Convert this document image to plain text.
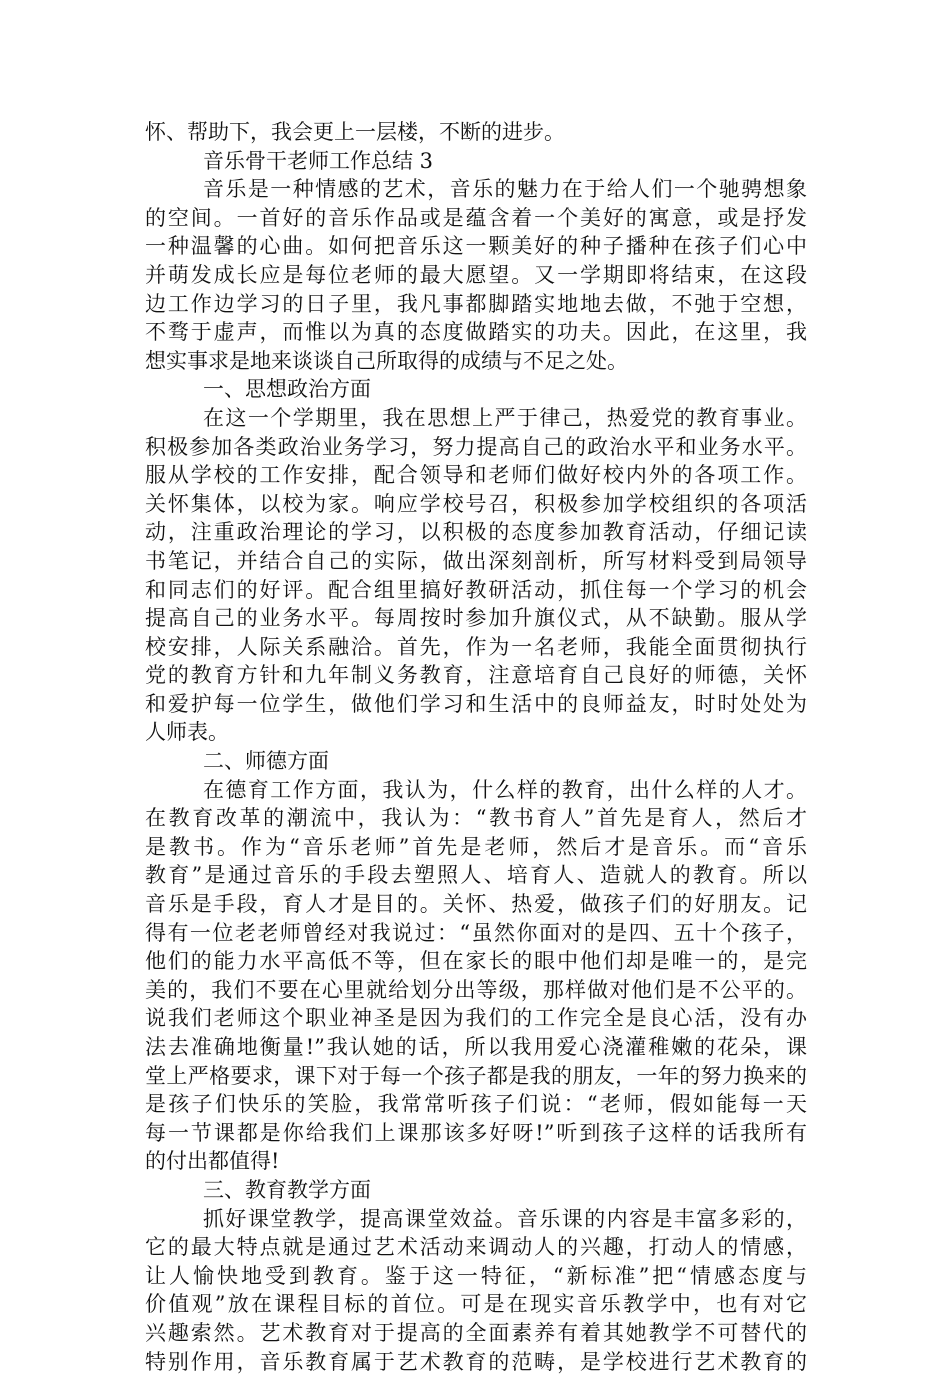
怀、帮助下，我会更上一层楼，不断的进步。
音乐骨干老师工作总结 3
音乐是一种情感的艺术，音乐的魅力在于给人们一个驰骋想象
的空间。一首好的音乐作品或是蕴含着一个美好的寓意，或是抒发
一种温馨的心曲。如何把音乐这一颗美好的种子播种在孩子们心中
并萌发成长应是每位老师的最大愿望。又一学期即将结束，在这段
边工作边学习的日子里，我凡事都脚踏实地地去做，不弛于空想，
不骛于虚声，而惟以为真的态度做踏实的功夫。因此，在这里，我
想实事求是地来谈谈自己所取得的成绩与不足之处。
一、思想政治方面
在这一个学期里，我在思想上严于律己，热爱党的教育事业。
积极参加各类政治业务学习，努力提高自己的政治水平和业务水平。
服从学校的工作安排，配合领导和老师们做好校内外的各项工作。
关怀集体，以校为家。响应学校号召，积极参加学校组织的各项活
动，注重政治理论的学习，以积极的态度参加教育活动，仔细记读
书笔记，并结合自己的实际，做出深刻剖析，所写材料受到局领导
和同志们的好评。配合组里搞好教研活动，抓住每一个学习的机会
提高自己的业务水平。每周按时参加升旗仪式，从不缺勤。服从学
校安排，人际关系融洽。首先，作为一名老师，我能全面贯彻执行
党的教育方针和九年制义务教育，注意培育自己良好的师德，关怀
和爱护每一位学生，做他们学习和生活中的良师益友，时时处处为
人师表。
二、师德方面
在德育工作方面，我认为，什么样的教育，出什么样的人才。
在教育改革的潮流中，我认为：“教书育人”首先是育人，然后才
是教书。作为“音乐老师”首先是老师，然后才是音乐。而“音乐
教育”是通过音乐的手段去塑照人、培育人、造就人的教育。所以
音乐是手段，育人才是目的。关怀、热爱，做孩子们的好朋友。记
得有一位老老师曾经对我说过：“虽然你面对的是四、五十个孩子，
他们的能力水平高低不等，但在家长的眼中他们却是唯一的，是完
美的，我们不要在心里就给划分出等级，那样做对他们是不公平的。
说我们老师这个职业神圣是因为我们的工作完全是良心活，没有办
法去准确地衡量!”我认她的话，所以我用爱心浇灌稚嫩的花朵，课
堂上严格要求，课下对于每一个孩子都是我的朋友，一年的努力换来的
是孩子们快乐的笑脸，我常常听孩子们说：“老师，假如能每一天
每一节课都是你给我们上课那该多好呀!”听到孩子这样的话我所有
的付出都值得!
三、教育教学方面
抓好课堂教学，提高课堂效益。音乐课的内容是丰富多彩的，
它的最大特点就是通过艺术活动来调动人的兴趣，打动人的情感，
让人愉快地受到教育。鉴于这一特征，“新标准”把“情感态度与
价值观”放在课程目标的首位。可是在现实音乐教学中，也有对它
兴趣索然。艺术教育对于提高的全面素养有着其她教学不可替代的
特别作用，音乐教育属于艺术教育的范畴，是学校进行艺术教育的
